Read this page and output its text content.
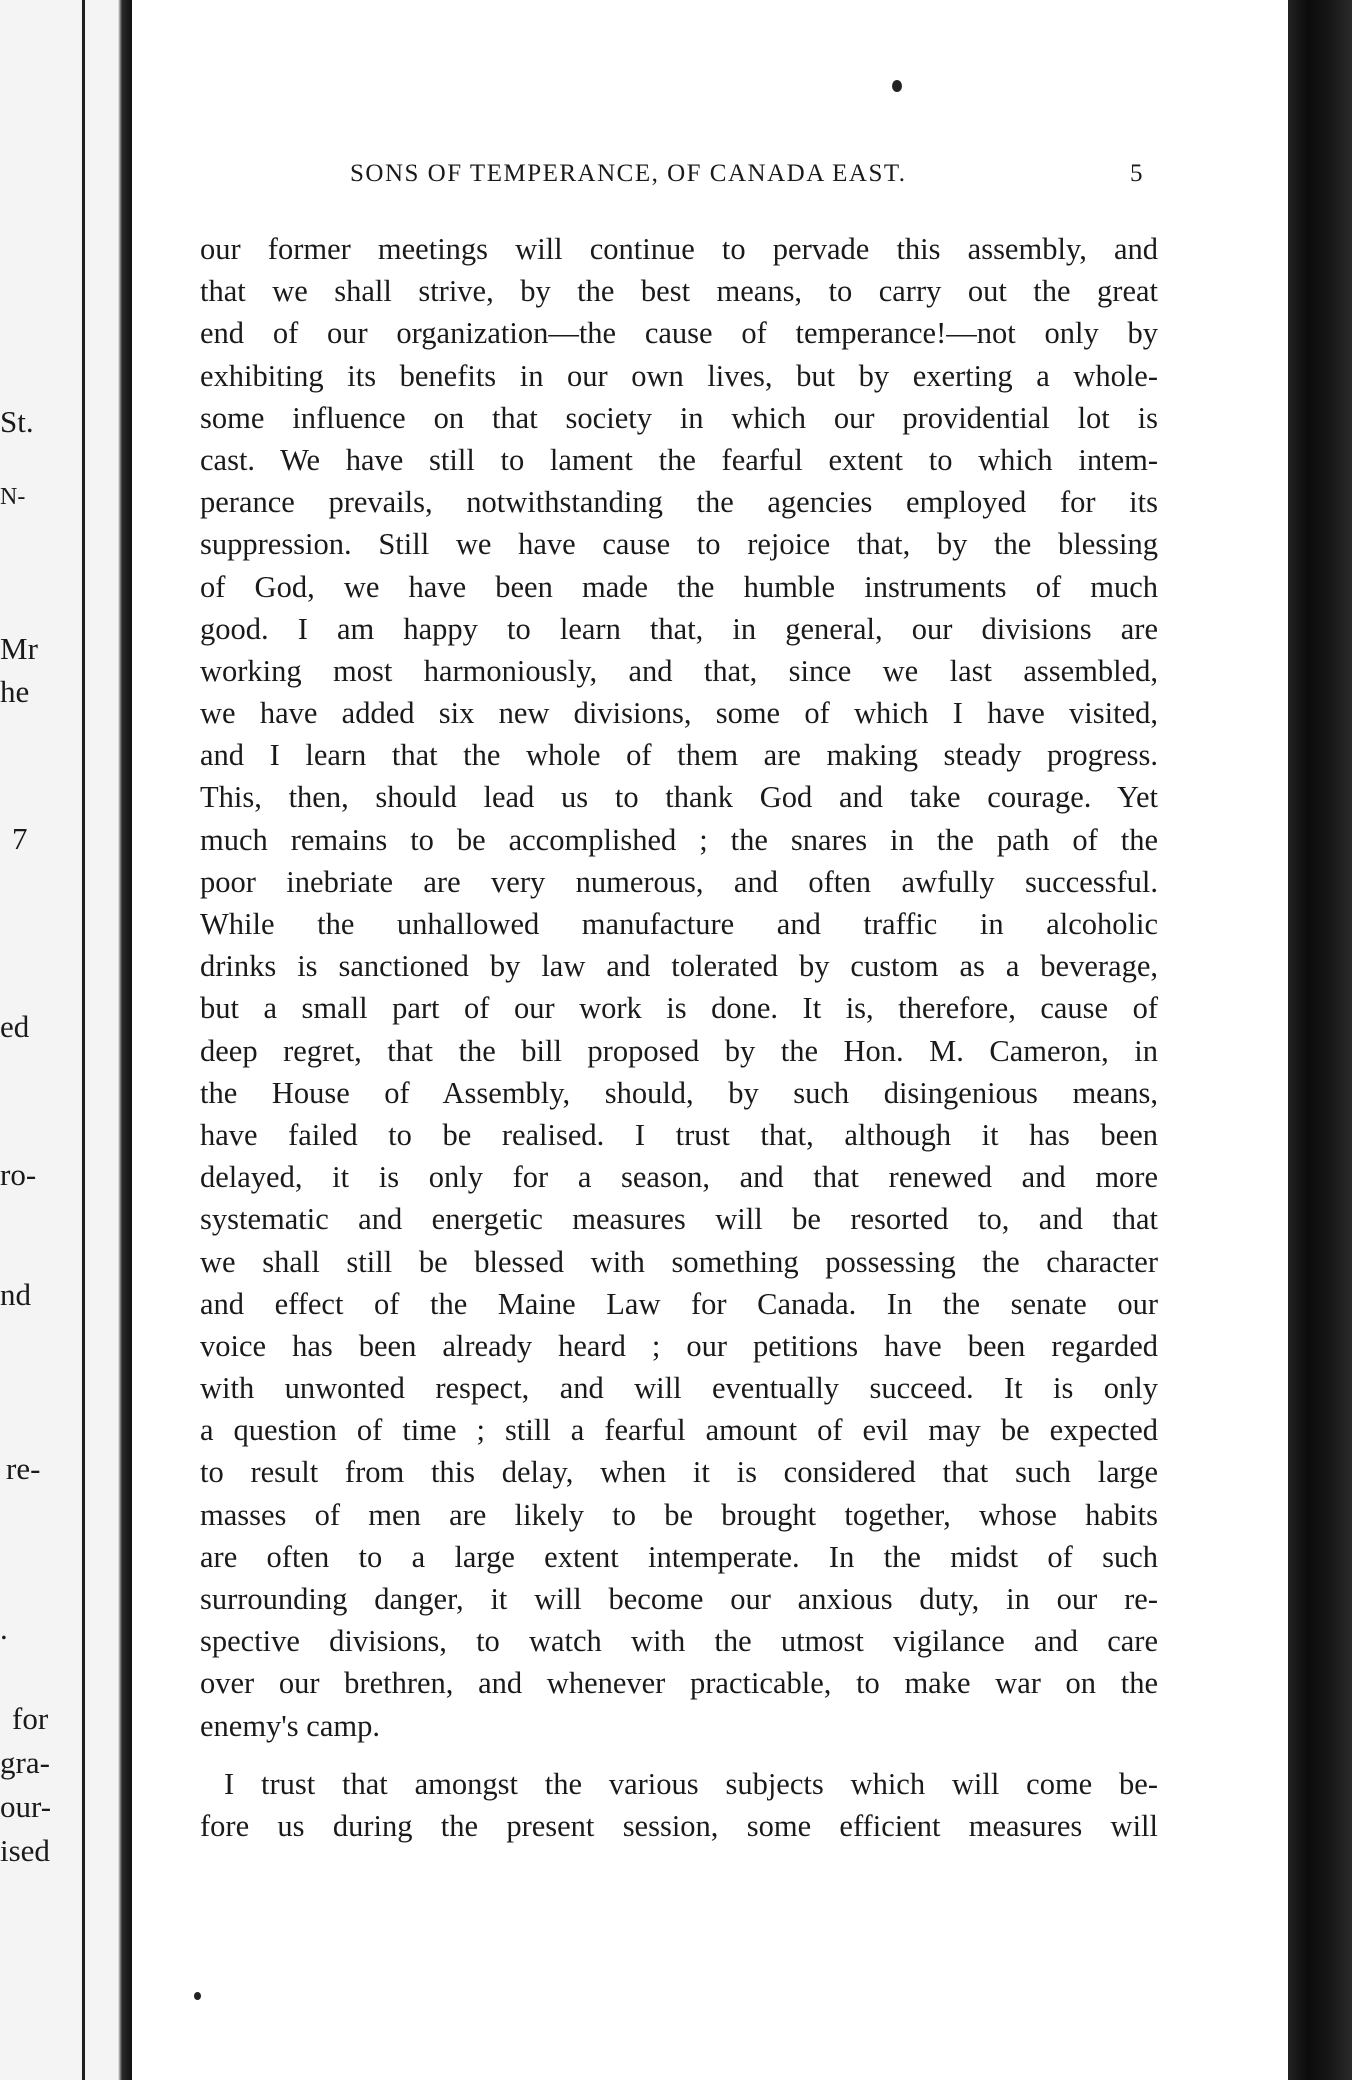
St.
N-
Mr
he
7
ed
ro-
nd
re-
.
for
gra-
our-
ised
SONS OF TEMPERANCE, OF CANADA EAST.	5
our former meetings will continue to pervade this assembly, and
that we shall strive, by the best means, to carry out the great
end of our organization—the cause of temperance!—not only by
exhibiting its benefits in our own lives, but by exerting a whole-
some influence on that society in which our providential lot is
cast. We have still to lament the fearful extent to which intem-
perance prevails, notwithstanding the agencies employed for its
suppression. Still we have cause to rejoice that, by the blessing
of God, we have been made the humble instruments of much
good. I am happy to learn that, in general, our divisions are
working most harmoniously, and that, since we last assembled,
we have added six new divisions, some of which I have visited,
and I learn that the whole of them are making steady progress.
This, then, should lead us to thank God and take courage. Yet
much remains to be accomplished ; the snares in the path of the
poor inebriate are very numerous, and often awfully successful.
While the unhallowed manufacture and traffic in alcoholic
drinks is sanctioned by law and tolerated by custom as a beverage,
but a small part of our work is done. It is, therefore, cause of
deep regret, that the bill proposed by the Hon. M. Cameron, in
the House of Assembly, should, by such disingenious means,
have failed to be realised. I trust that, although it has been
delayed, it is only for a season, and that renewed and more
systematic and energetic measures will be resorted to, and that
we shall still be blessed with something possessing the character
and effect of the Maine Law for Canada. In the senate our
voice has been already heard ; our petitions have been regarded
with unwonted respect, and will eventually succeed. It is only
a question of time ; still a fearful amount of evil may be expected
to result from this delay, when it is considered that such large
masses of men are likely to be brought together, whose habits
are often to a large extent intemperate. In the midst of such
surrounding danger, it will become our anxious duty, in our re-
spective divisions, to watch with the utmost vigilance and care
over our brethren, and whenever practicable, to make war on the
enemy's camp.
I trust that amongst the various subjects which will come be-
fore us during the present session, some efficient measures will
